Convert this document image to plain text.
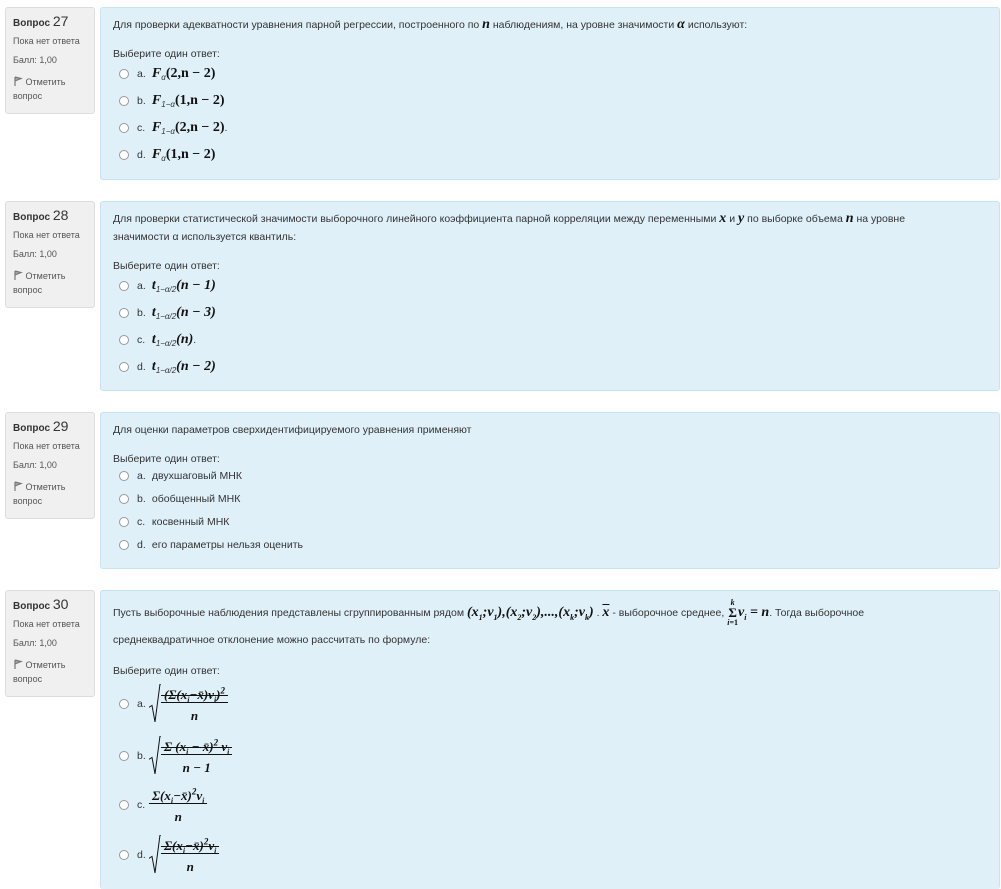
Вопрос 27
Пока нет ответа
Балл: 1,00
Отметить вопрос
Для проверки адекватности уравнения парной регрессии, построенного по n наблюдениям, на уровне значимости α используют:
Выберите один ответ:
a. $F_\alpha(2,n - 2)$
b. $F_{1-\alpha}(1,n - 2)$
c. $F_{1-\alpha}(2,n - 2)$.
d. $F_\alpha(1,n - 2)$
Вопрос 28
Пока нет ответа
Балл: 1,00
Отметить вопрос
Для проверки статистической значимости выборочного линейного коэффициента парной корреляции между переменными x и y по выборке объема n на уровне
значимости α используется квантиль:
Выберите один ответ:
a. $t_{1-\alpha/2}(n - 1)$
b. $t_{1-\alpha/2}(n - 3)$
c. $t_{1-\alpha/2}(n)$.
d. $t_{1-\alpha/2}(n - 2)$
Вопрос 29
Пока нет ответа
Балл: 1,00
Отметить вопрос
Для оценки параметров сверхидентифицируемого уравнения применяют
Выберите один ответ:
a. двухшаговый МНК
b. обобщенный МНК
c. косвенный МНК
d. его параметры нельзя оценить
Вопрос 30
Пока нет ответа
Балл: 1,00
Отметить вопрос
Пусть выборочные наблюдения представлены сгруппированным рядом $(x_1;\nu_1),(x_2;\nu_2),...,(x_k;\nu_k)$ . $\overline{x}$ - выборочное среднее, k
Σ
$i=1\nu_i = n$. Тогда выборочное
среднеквадратичное отклонение можно рассчитать по формуле:
Выберите один ответ:
a.	$\frac{(\Sigma(x_i-x̄)\nu_i)^2}{n}$
b.	$\frac{\Sigma (x_i - x̄)^2 \nu_i}{n - 1}$
c. $\frac{\Sigma(x_i-x̄)^2\nu_i}{n}$
d.	$\frac{\Sigma(x_i-x̄)^2\nu_i}{n}$
